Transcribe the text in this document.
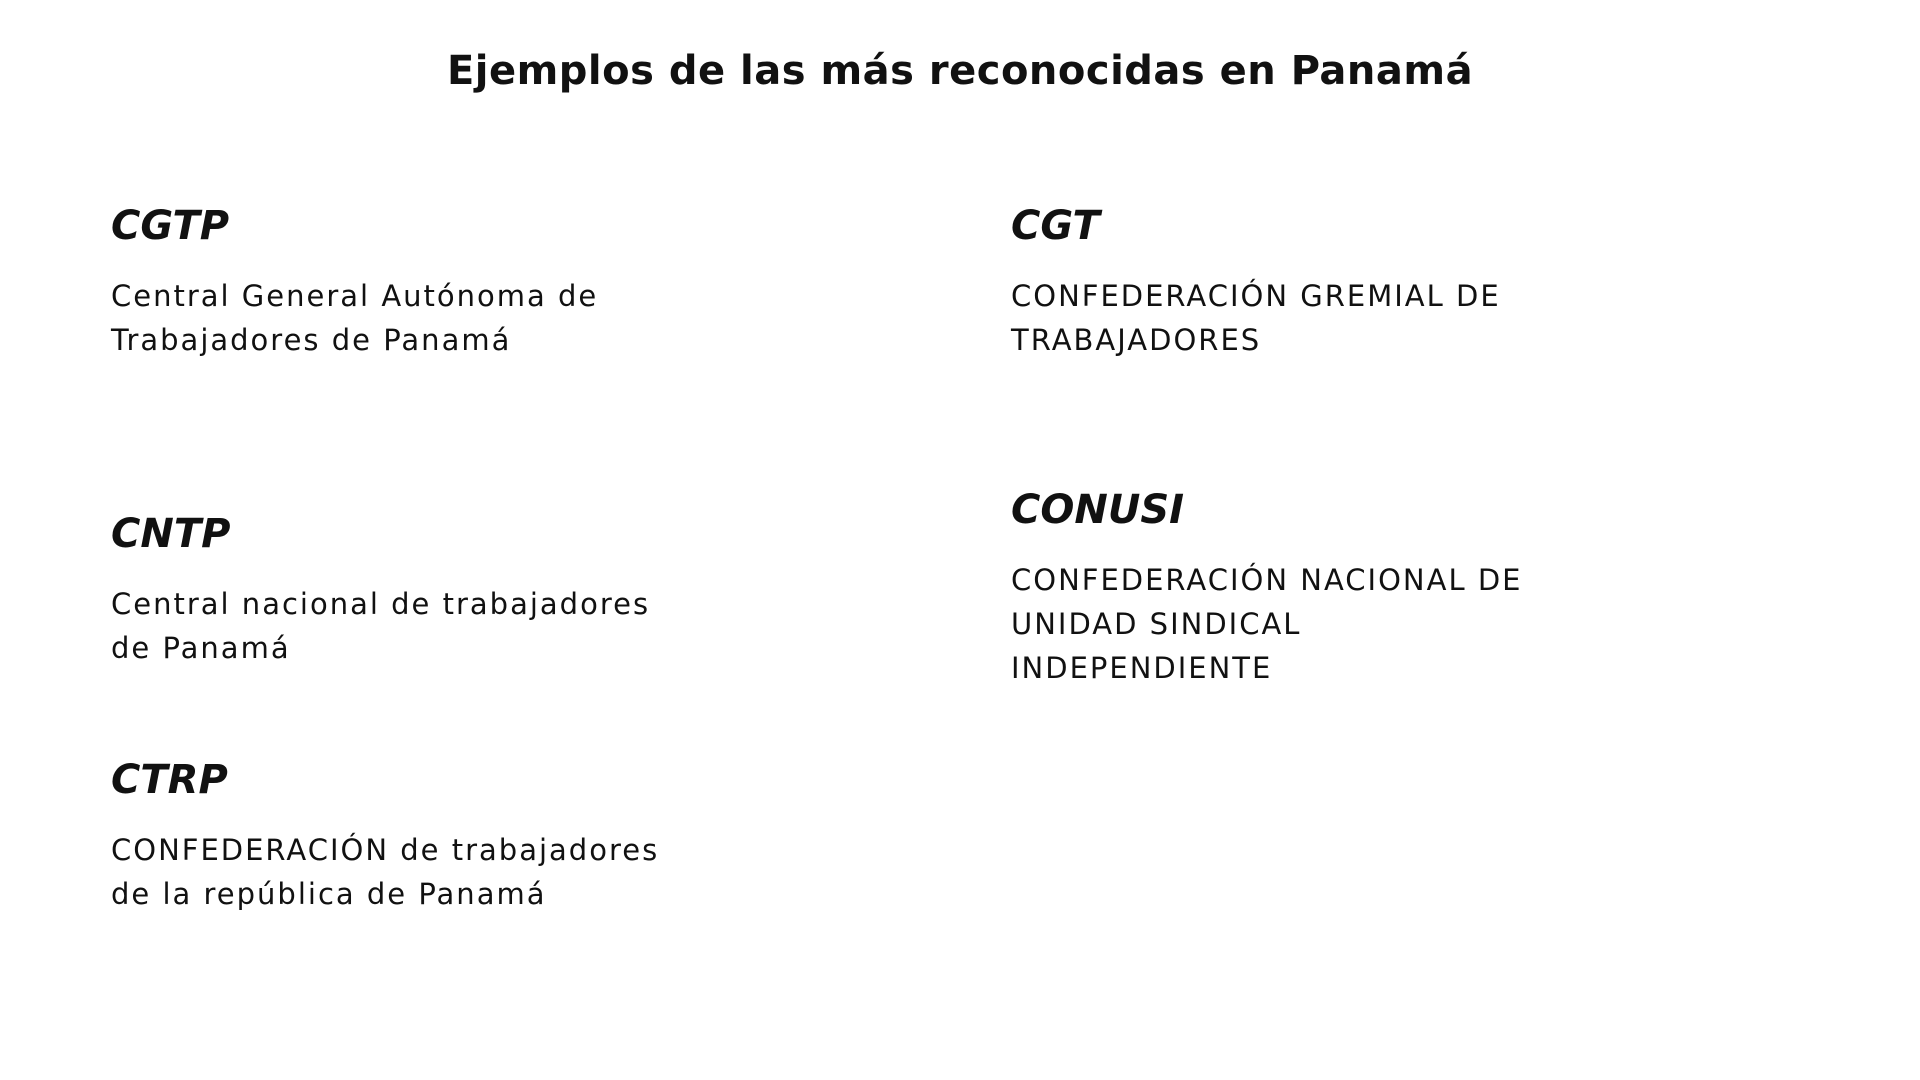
Ejemplos de las más reconocidas en Panamá
CGTP

Central General Autónoma de Trabajadores de Panamá

CGT

CONFEDERACIÓN GREMIAL DE TRABAJADORES

CNTP

Central nacional de trabajadores de Panamá

CONUSI

CONFEDERACIÓN NACIONAL DE UNIDAD SINDICAL INDEPENDIENTE

CTRP

CONFEDERACIÓN de trabajadores de la república de Panamá
